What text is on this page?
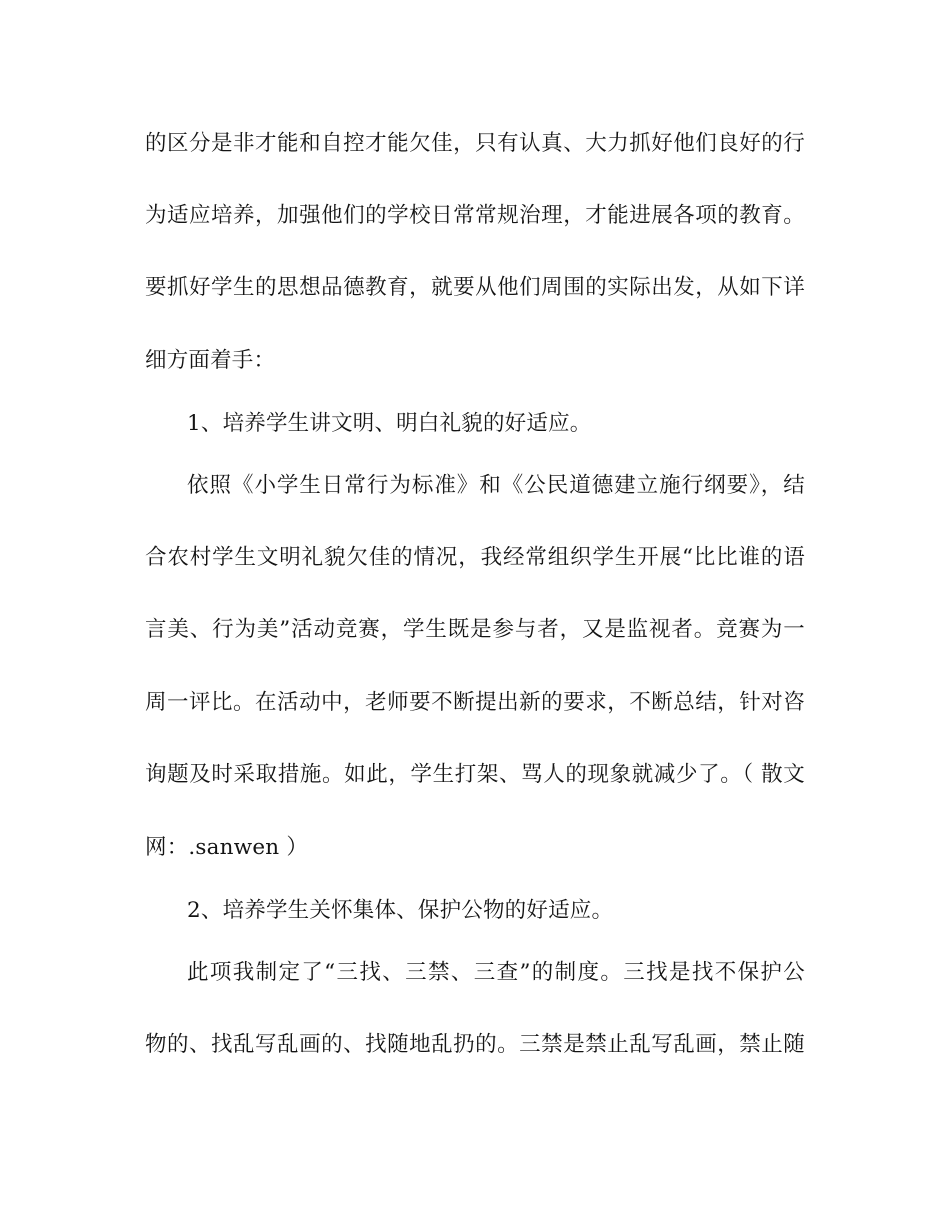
的区分是非才能和自控才能欠佳，只有认真、大力抓好他们良好的行
为适应培养，加强他们的学校日常常规治理，才能进展各项的教育。
要抓好学生的思想品德教育，就要从他们周围的实际出发，从如下详
细方面着手：
1、培养学生讲文明、明白礼貌的好适应。
依照《小学生日常行为标准》和《公民道德建立施行纲要》，结
合农村学生文明礼貌欠佳的情况，我经常组织学生开展“比比谁的语
言美、行为美”活动竞赛，学生既是参与者，又是监视者。竞赛为一
周一评比。在活动中，老师要不断提出新的要求，不断总结，针对咨
询题及时采取措施。如此，学生打架、骂人的现象就减少了。（ 散文
网：.sanwen ）
2、培养学生关怀集体、保护公物的好适应。
此项我制定了“三找、三禁、三查”的制度。三找是找不保护公
物的、找乱写乱画的、找随地乱扔的。三禁是禁止乱写乱画，禁止随
